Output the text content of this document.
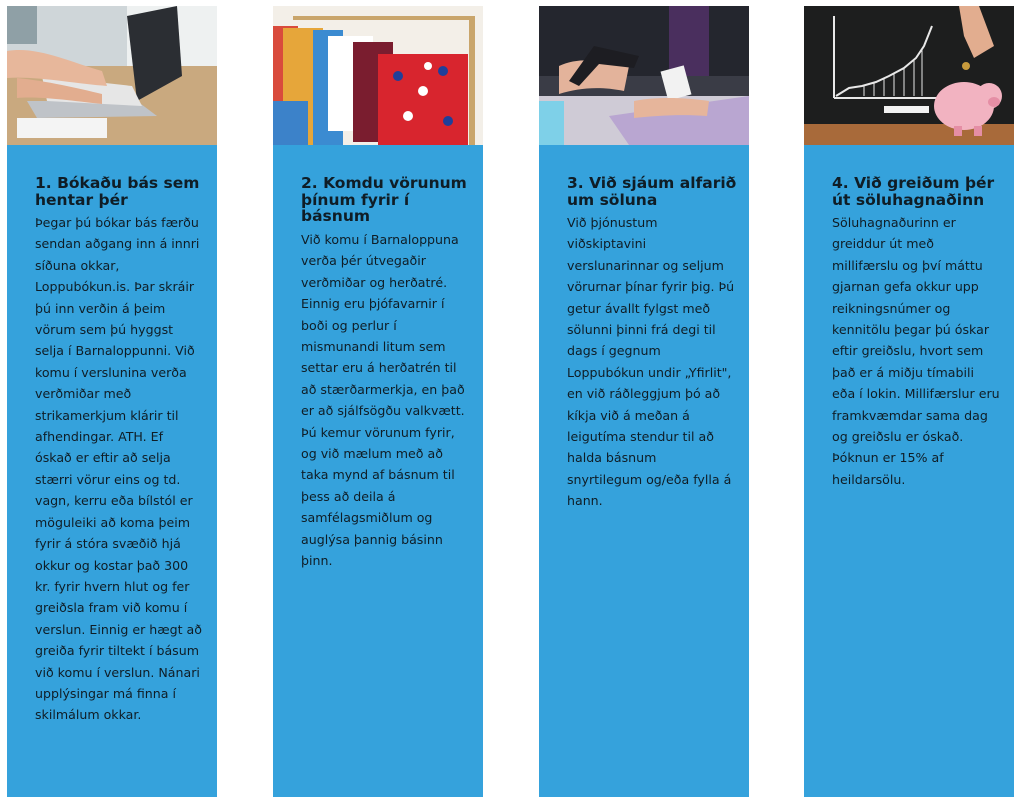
1. Bókaðu bás sem hentar þér

Þegar þú bókar bás færðu sendan aðgang inn á innri síðuna okkar, Loppubókun.is. Þar skráir þú inn verðin á þeim vörum sem þú hyggst selja í Barnaloppunni. Við komu í verslunina verða verðmiðar með strikamerkjum klárir til afhendingar. ATH. Ef óskað er eftir að selja stærri vörur eins og td. vagn, kerru eða bílstól er möguleiki að koma þeim fyrir á stóra svæðið hjá okkur og kostar það 300 kr. fyrir hvern hlut og fer greiðsla fram við komu í verslun. Einnig er hægt að greiða fyrir tiltekt í básum við komu í verslun. Nánari upplýsingar má finna í skilmálum okkar.

2. Komdu vörunum þínum fyrir í básnum

Við komu í Barnaloppuna verða þér útvegaðir verðmiðar og herðatré. Einnig eru þjófavarnir í boði og perlur í mismunandi litum sem settar eru á herðatrén til að stærðarmerkja, en það er að sjálfsögðu valkvætt. Þú kemur vörunum fyrir, og við mælum með að taka mynd af básnum til þess að deila á samfélagsmiðlum og auglýsa þannig básinn þinn.

3. Við sjáum alfarið um söluna

Við þjónustum viðskiptavini verslunarinnar og seljum vörurnar þínar fyrir þig. Þú getur ávallt fylgst með sölunni þinni frá degi til dags í gegnum Loppubókun undir „Yfirlit", en við ráðleggjum þó að kíkja við á meðan á leigutíma stendur til að halda básnum snyrtilegum og/eða fylla á hann.

4. Við greiðum þér út söluhagnaðinn

Söluhagnaðurinn er greiddur út með millifærslu og því máttu gjarnan gefa okkur upp reikningsnúmer og kennitölu þegar þú óskar eftir greiðslu, hvort sem það er á miðju tímabili eða í lokin. Millifærslur eru framkvæmdar sama dag og greiðslu er óskað. Þóknun er 15% af heildarsölu.
